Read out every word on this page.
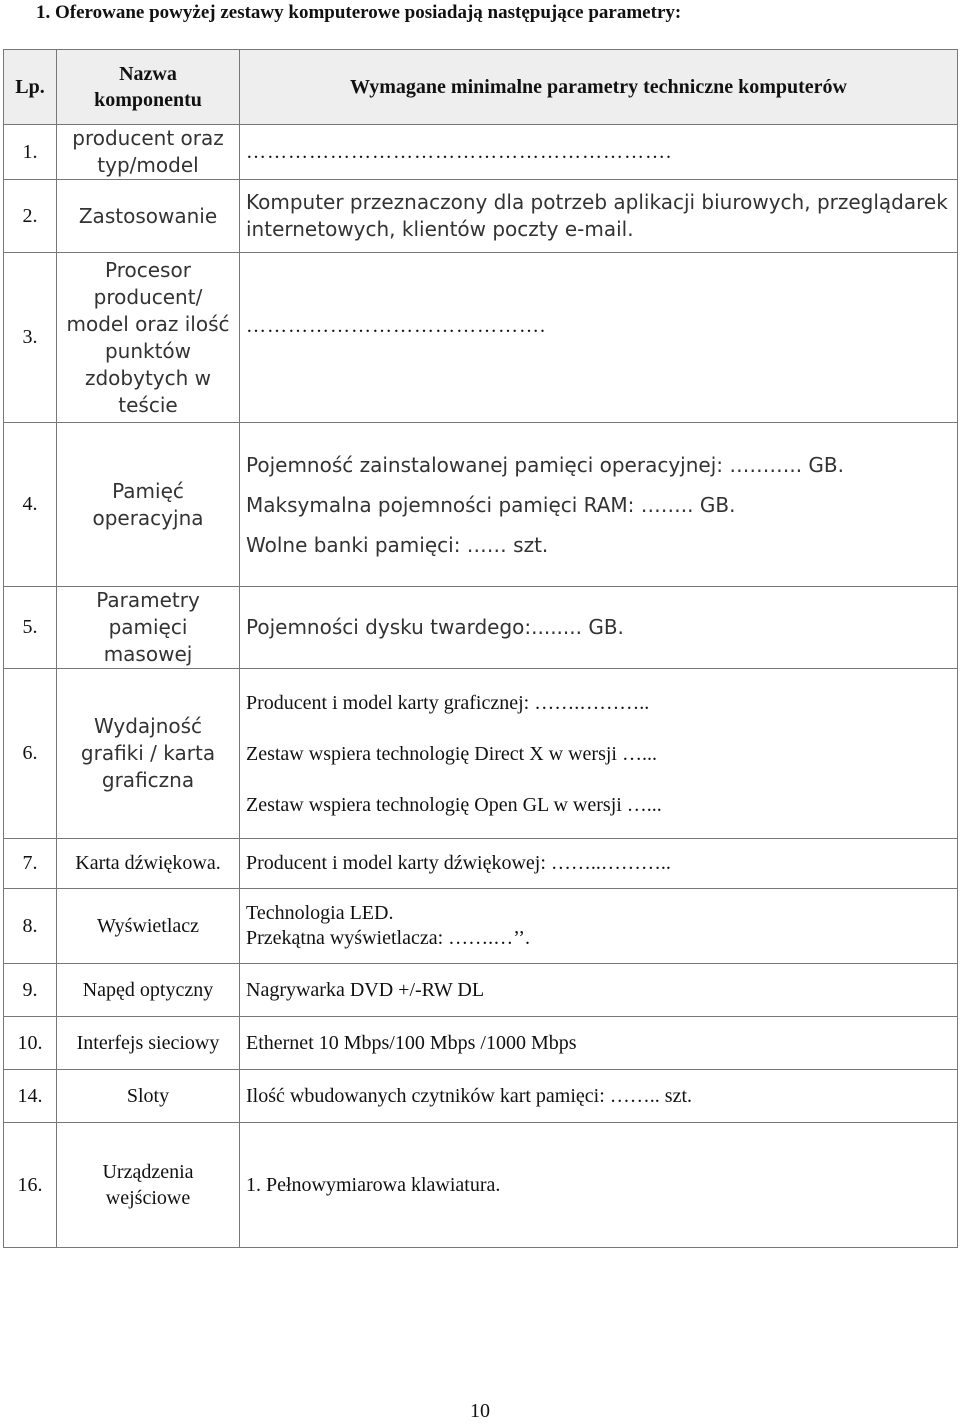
1. Oferowane powyżej zestawy komputerowe posiadają następujące parametry:
Lp.	Nazwa komponentu	Wymagane minimalne parametry techniczne komputerów
1.	producent oraz typ/model	…………………………………………………….

2.	Zastosowanie	Komputer przeznaczony dla potrzeb aplikacji biurowych, przeglądarek internetowych, klientów poczty e-mail.

3.	Procesor producent/ model oraz ilość punktów zdobytych w teście	…………………………………….

4.	Pamięć operacyjna	Pojemność zainstalowanej pamięci operacyjnej: ……….. GB.
Maksymalna pojemności pamięci RAM: …….. GB.
Wolne banki pamięci: …… szt.

5.	Parametry pamięci masowej	Pojemności dysku twardego:........ GB.

6.	Wydajność grafiki / karta graficzna	Producent i model karty graficznej: …….………..
Zestaw wspiera technologię Direct X w wersji …...
Zestaw wspiera technologię Open GL w wersji …...

7.	Karta dźwiękowa.	Producent i model karty dźwiękowej: ……..………..

8.	Wyświetlacz	Technologia LED.
Przekątna wyświetlacza: …….…’’.

9.	Napęd optyczny	Nagrywarka DVD +/-RW DL

10.	Interfejs sieciowy	Ethernet 10 Mbps/100 Mbps /1000 Mbps

14.	Sloty	Ilość wbudowanych czytników kart pamięci: …….. szt.

16.	Urządzenia wejściowe	1. Pełnowymiarowa klawiatura.
10
